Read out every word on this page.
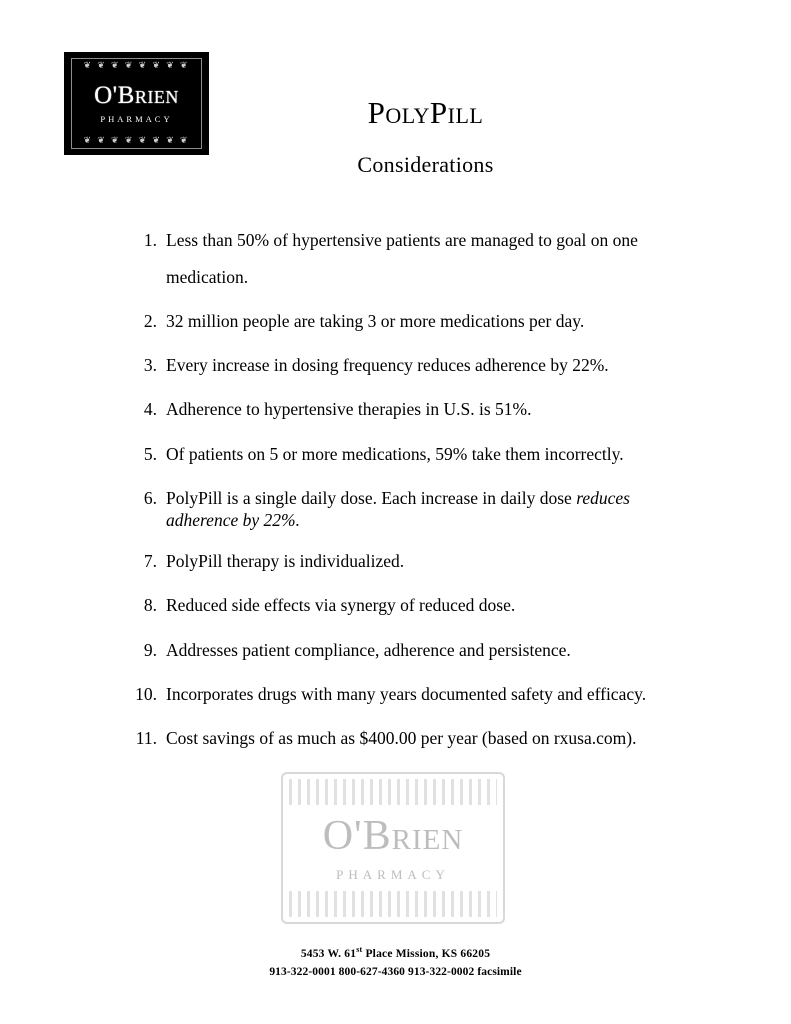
❦ ❦ ❦ ❦ ❦ ❦ ❦ ❦
O'Brien
PHARMACY
❦ ❦ ❦ ❦ ❦ ❦ ❦ ❦
PolyPill
Considerations
1. Less than 50% of hypertensive patients are managed to goal on one medication.
2. 32 million people are taking 3 or more medications per day.
3. Every increase in dosing frequency reduces adherence by 22%.
4. Adherence to hypertensive therapies in U.S. is 51%.
5. Of patients on 5 or more medications, 59% take them incorrectly.
6. PolyPill is a single daily dose. Each increase in daily dose reduces adherence by 22%.
7. PolyPill therapy is individualized.
8. Reduced side effects via synergy of reduced dose.
9. Addresses patient compliance, adherence and persistence.
10. Incorporates drugs with many years documented safety and efficacy.
11. Cost savings of as much as $400.00 per year (based on rxusa.com).
O'Brien
PHARMACY
5453 W. 61st Place Mission, KS 66205
913-322-0001 800-627-4360 913-322-0002 facsimile
